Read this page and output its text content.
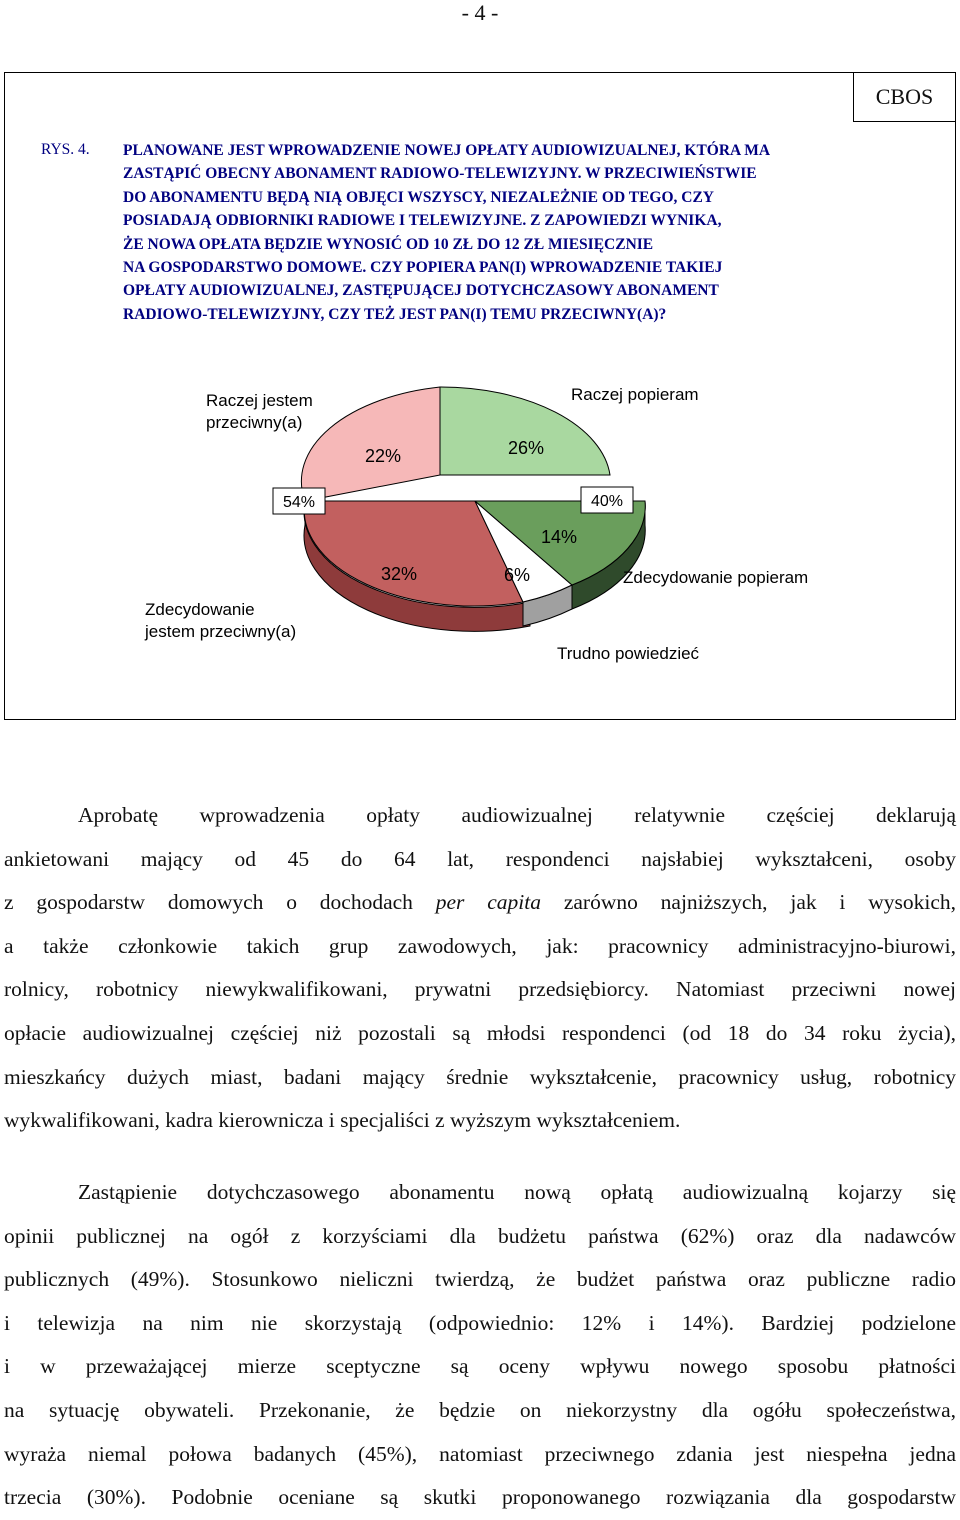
- 4 -
CBOS
RYS. 4. PLANOWANE JEST WPROWADZENIE NOWEJ OPŁATY AUDIOWIZUALNEJ, KTÓRA MA
ZASTĄPIĆ OBECNY ABONAMENT RADIOWO-TELEWIZYJNY. W PRZECIWIEŃSTWIE
DO ABONAMENTU BĘDĄ NIĄ OBJĘCI WSZYSCY, NIEZALEŻNIE OD TEGO, CZY
POSIADAJĄ ODBIORNIKI RADIOWE I TELEWIZYJNE. Z ZAPOWIEDZI WYNIKA,
ŻE NOWA OPŁATA BĘDZIE WYNOSIĆ OD 10 ZŁ DO 12 ZŁ MIESIĘCZNIE
NA GOSPODARSTWO DOMOWE. CZY POPIERA PAN(I) WPROWADZENIE TAKIEJ
OPŁATY AUDIOWIZUALNEJ, ZASTĘPUJĄCEJ DOTYCHCZASOWY ABONAMENT
RADIOWO-TELEWIZYJNY, CZY TEŻ JEST PAN(I) TEMU PRZECIWNY(A)?
54%	40%
22%	26%
14%
32%	6%
Raczej jestem
przeciwny(a)
Raczej popieram
Zdecydowanie popieram
Zdecydowanie
jestem przeciwny(a)
Trudno powiedzieć
Aprobatę wprowadzenia opłaty audiowizualnej relatywnie częściej deklarują
ankietowani mający od 45 do 64 lat, respondenci najsłabiej wykształceni, osoby
z gospodarstw domowych o dochodach per capita zarówno najniższych, jak i wysokich,
a także członkowie takich grup zawodowych, jak: pracownicy administracyjno-biurowi,
rolnicy, robotnicy niewykwalifikowani, prywatni przedsiębiorcy. Natomiast przeciwni nowej
opłacie audiowizualnej częściej niż pozostali są młodsi respondenci (od 18 do 34 roku życia),
mieszkańcy dużych miast, badani mający średnie wykształcenie, pracownicy usług, robotnicy
wykwalifikowani, kadra kierownicza i specjaliści z wyższym wykształceniem.
Zastąpienie dotychczasowego abonamentu nową opłatą audiowizualną kojarzy się
opinii publicznej na ogół z korzyściami dla budżetu państwa (62%) oraz dla nadawców
publicznych (49%). Stosunkowo nieliczni twierdzą, że budżet państwa oraz publiczne radio
i telewizja na nim nie skorzystają (odpowiednio: 12% i 14%). Bardziej podzielone
i w przeważającej mierze sceptyczne są oceny wpływu nowego sposobu płatności
na sytuację obywateli. Przekonanie, że będzie on niekorzystny dla ogółu społeczeństwa,
wyraża niemal połowa badanych (45%), natomiast przeciwnego zdania jest niespełna jedna
trzecia (30%). Podobnie oceniane są skutki proponowanego rozwiązania dla gospodarstw
